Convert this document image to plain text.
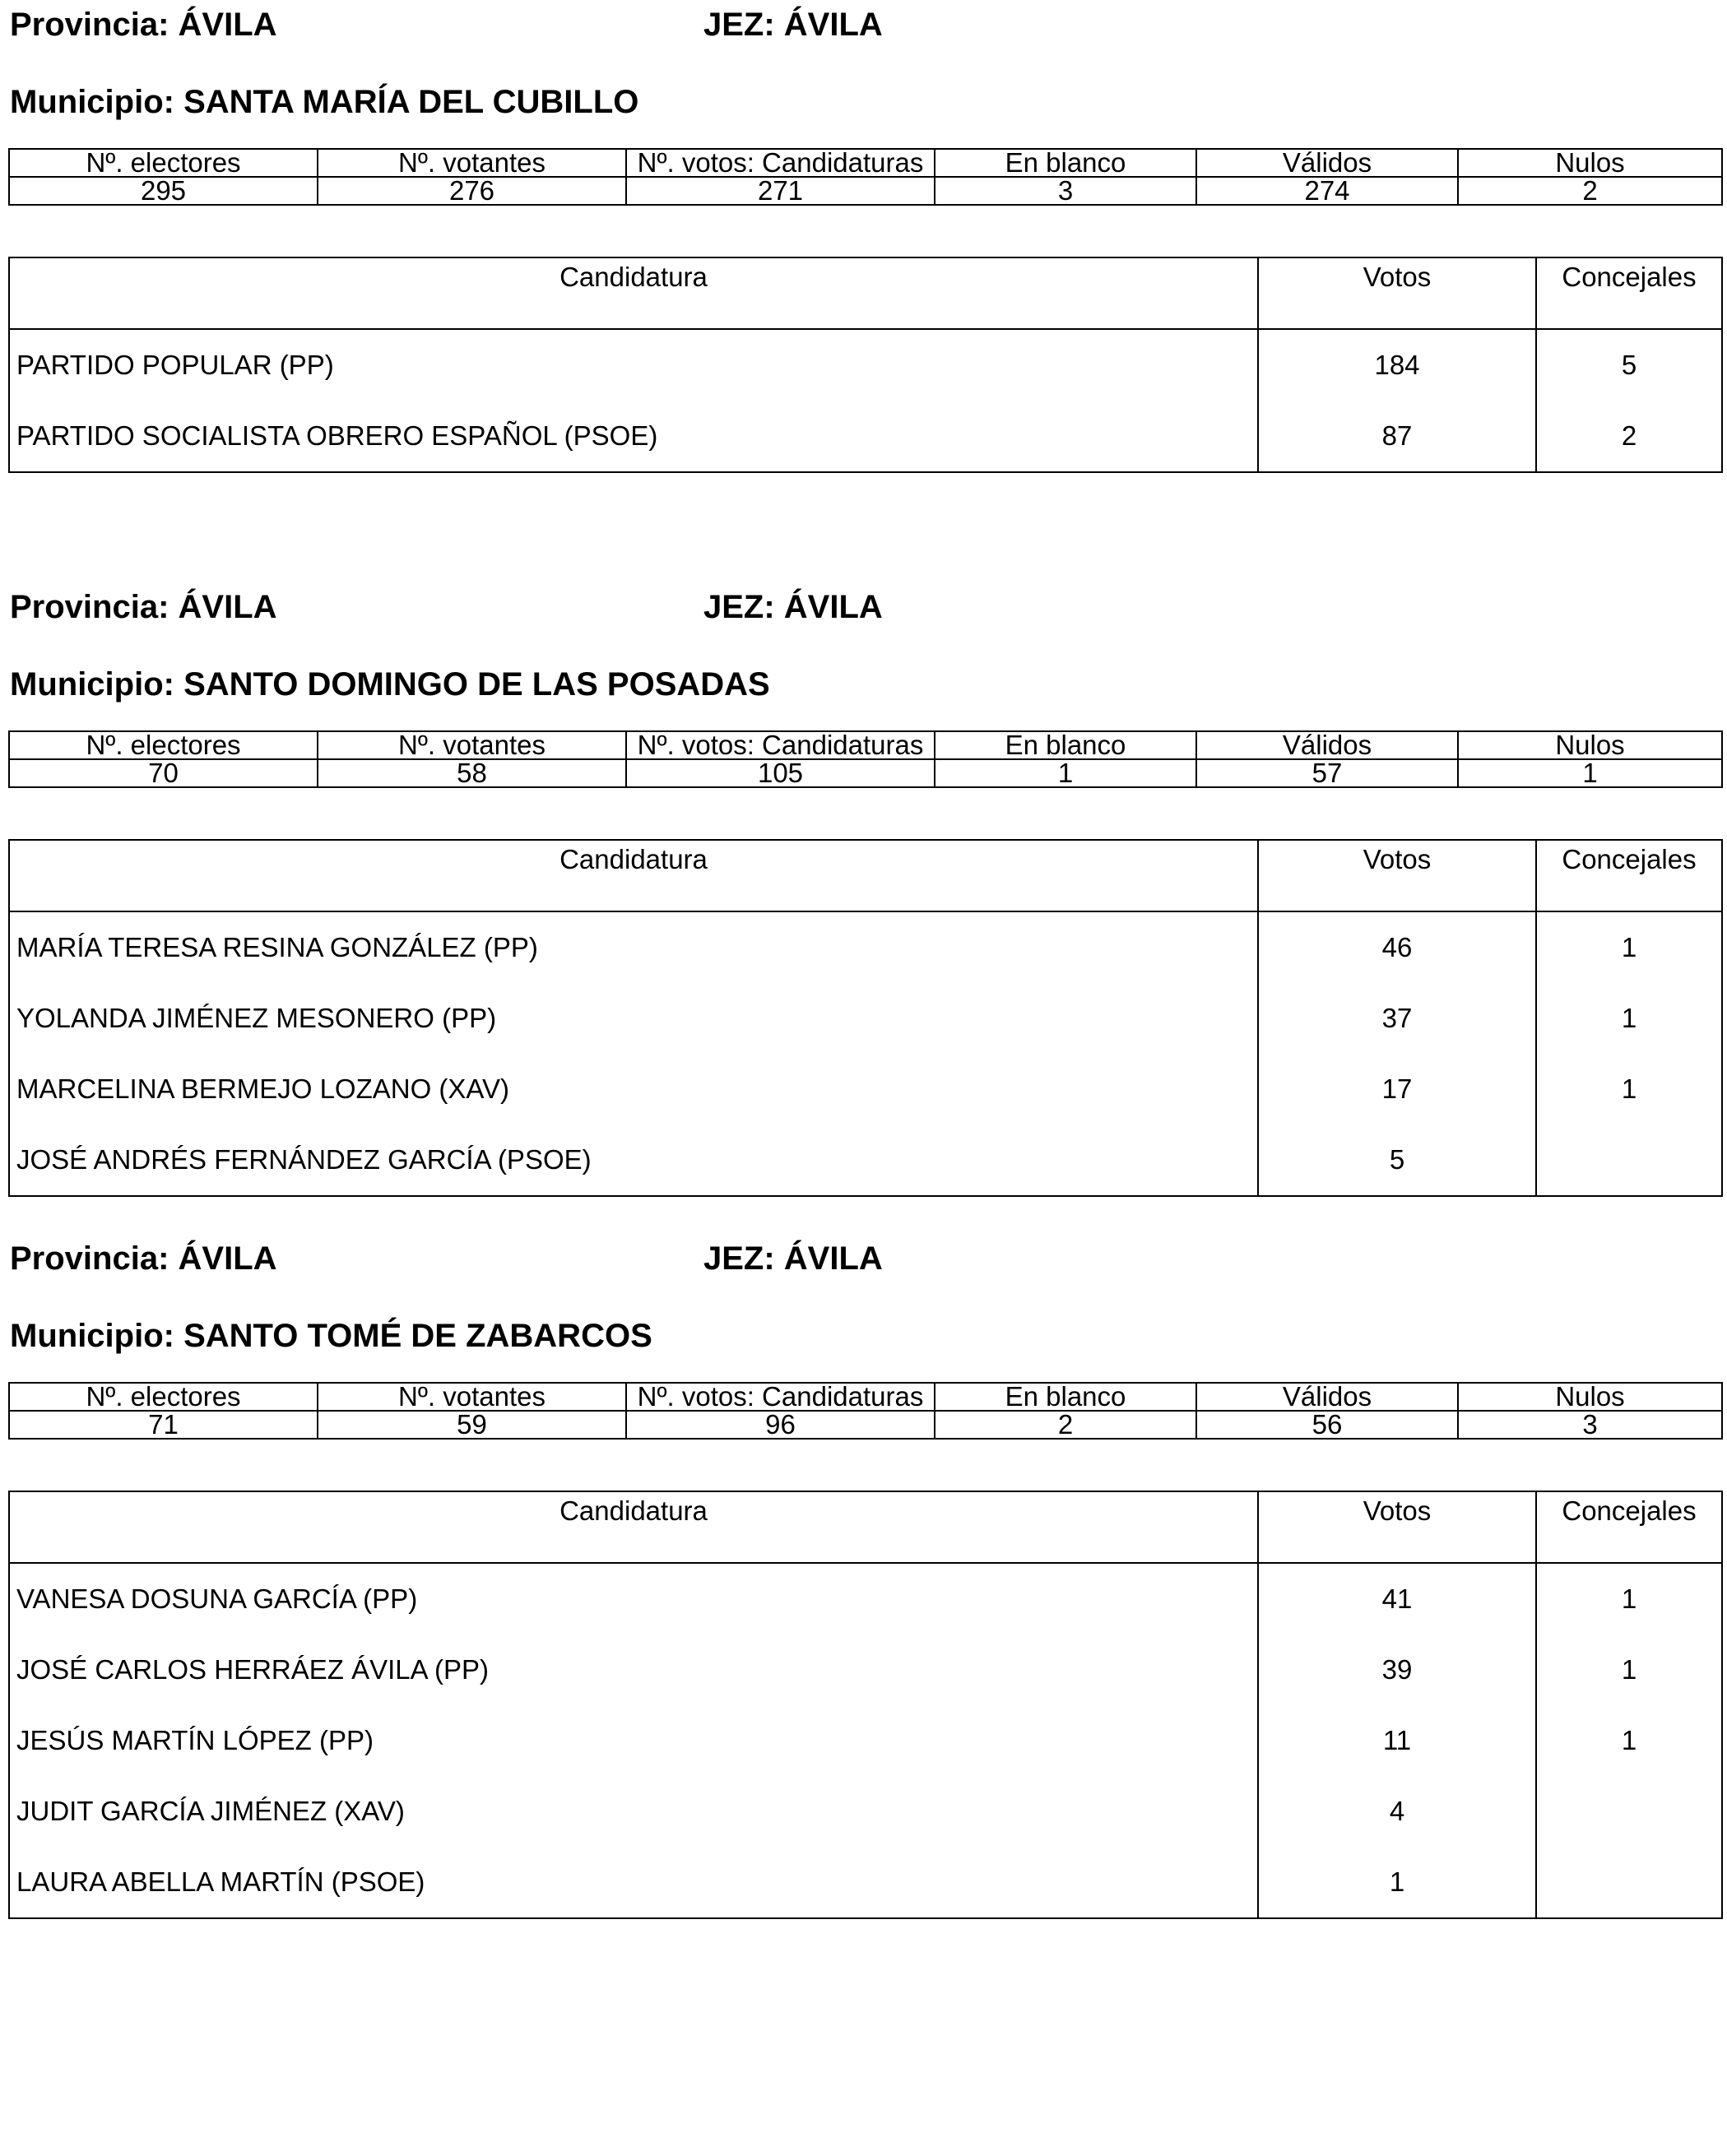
Provincia: ÁVILA	JEZ: ÁVILA
Municipio: SANTA MARÍA DEL CUBILLO
Nº. electores	Nº. votantes	Nº. votos: Candidaturas	En blanco	Válidos	Nulos
295	276	271	3	274	2
Candidatura	Votos	Concejales
PARTIDO POPULAR (PP)	184	5
PARTIDO SOCIALISTA OBRERO ESPAÑOL (PSOE)	87	2
Provincia: ÁVILA	JEZ: ÁVILA
Municipio: SANTO DOMINGO DE LAS POSADAS
Nº. electores	Nº. votantes	Nº. votos: Candidaturas	En blanco	Válidos	Nulos
70	58	105	1	57	1
Candidatura	Votos	Concejales
MARÍA TERESA RESINA GONZÁLEZ (PP)	46	1
YOLANDA JIMÉNEZ MESONERO (PP)	37	1
MARCELINA BERMEJO LOZANO (XAV)	17	1
JOSÉ ANDRÉS FERNÁNDEZ GARCÍA (PSOE)	5	
Provincia: ÁVILA	JEZ: ÁVILA
Municipio: SANTO TOMÉ DE ZABARCOS
Nº. electores	Nº. votantes	Nº. votos: Candidaturas	En blanco	Válidos	Nulos
71	59	96	2	56	3
Candidatura	Votos	Concejales
VANESA DOSUNA GARCÍA (PP)	41	1
JOSÉ CARLOS HERRÁEZ ÁVILA (PP)	39	1
JESÚS MARTÍN LÓPEZ (PP)	11	1
JUDIT GARCÍA JIMÉNEZ (XAV)	4	
LAURA ABELLA MARTÍN (PSOE)	1	
